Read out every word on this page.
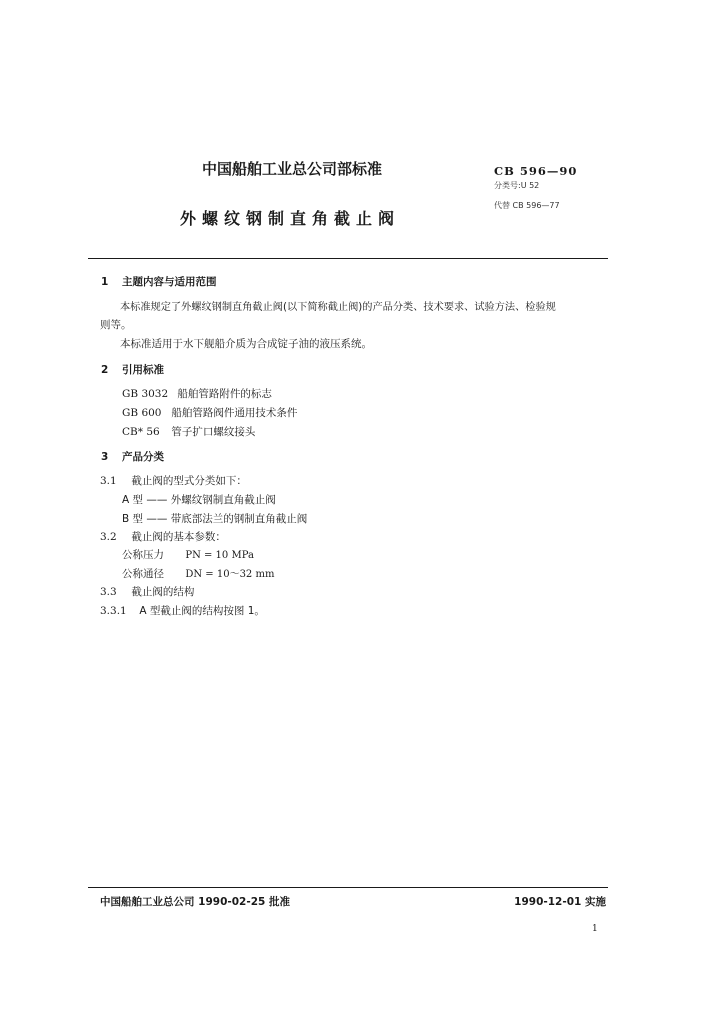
中国船舶工业总公司部标准
外螺纹钢制直角截止阀
CB 596—90
分类号:U 52
代替 CB 596—77
1 主题内容与适用范围
本标准规定了外螺纹钢制直角截止阀(以下简称截止阀)的产品分类、技术要求、试验方法、检验规
则等。
本标准适用于水下舰船介质为合成锭子油的液压系统。
2 引用标准
GB 3032 船舶管路附件的标志
GB 600 船舶管路阀件通用技术条件
CB* 56 管子扩口螺纹接头
3 产品分类
3.1 截止阀的型式分类如下：
A 型 —— 外螺纹钢制直角截止阀
B 型 —— 带底部法兰的钢制直角截止阀
3.2 截止阀的基本参数：
公称压力 PN = 10 MPa
公称通径 DN = 10～32 mm
3.3 截止阀的结构
3.3.1 A 型截止阀的结构按图 1。
中国船舶工业总公司 1990-02-25 批准	1990-12-01 实施
1
